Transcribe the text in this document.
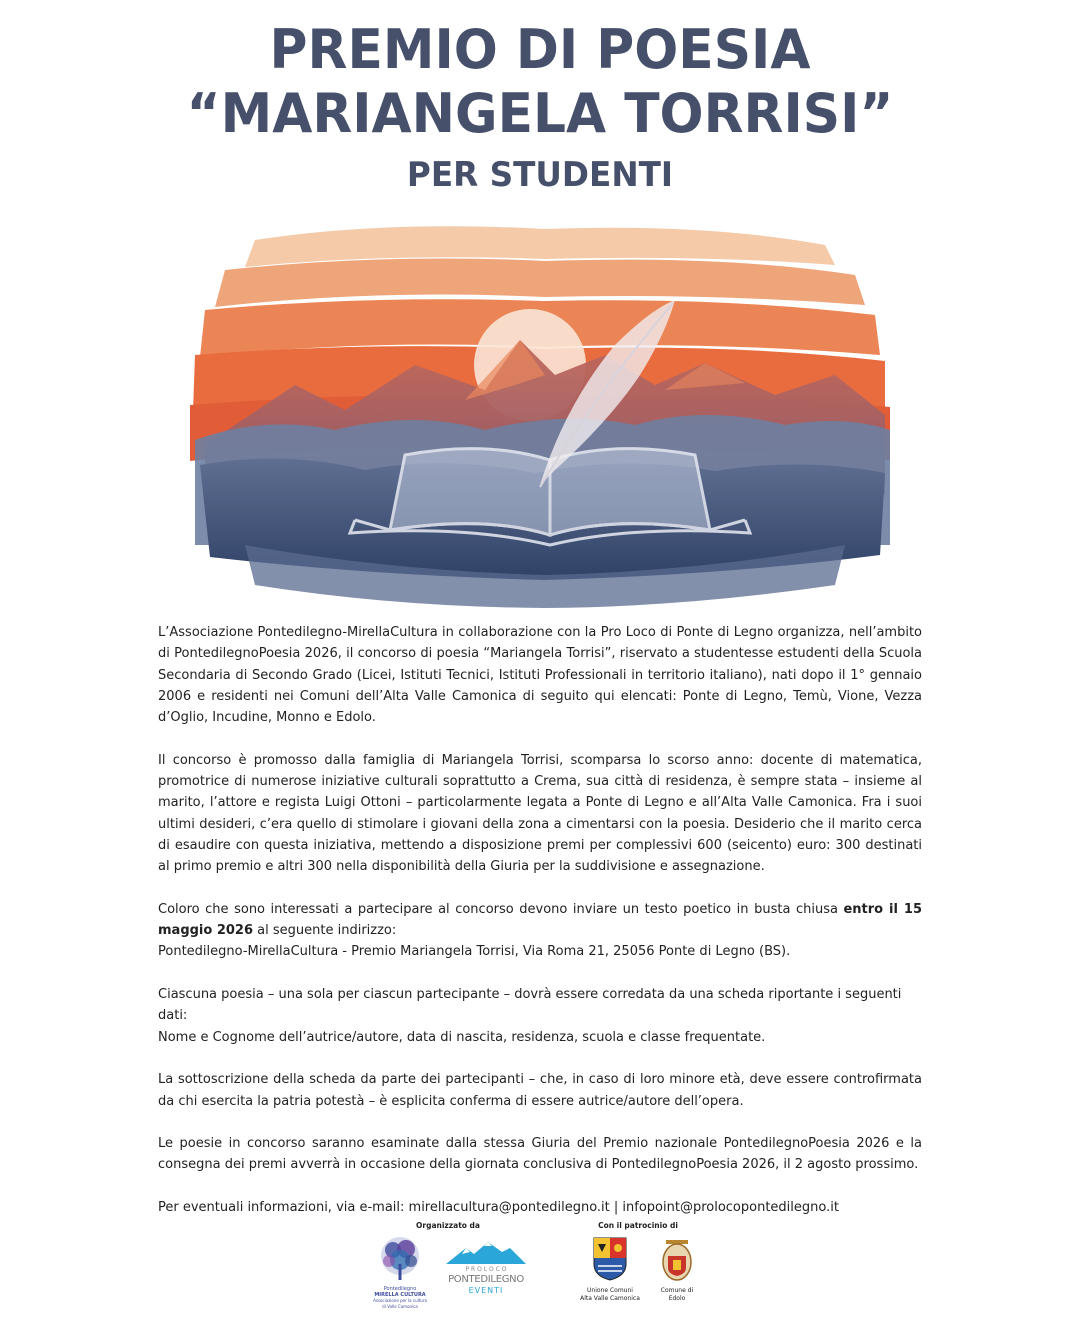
PREMIO DI POESIA
“MARIANGELA TORRISI”
PER STUDENTI

L’Associazione Pontedilegno-MirellaCultura in collaborazione con la Pro Loco di Ponte di Legno organizza, nell’ambito di PontedilegnoPoesia 2026, il concorso di poesia “Mariangela Torrisi”, riservato a studentesse estudenti della Scuola Secondaria di Secondo Grado (Licei, Istituti Tecnici, Istituti Professionali in territorio italiano), nati dopo il 1° gennaio 2006 e residenti nei Comuni dell’Alta Valle Camonica di seguito qui elencati: Ponte di Legno, Temù, Vione, Vezza d’Oglio, Incudine, Monno e Edolo.

Il concorso è promosso dalla famiglia di Mariangela Torrisi, scomparsa lo scorso anno: docente di matematica, promotrice di numerose iniziative culturali soprattutto a Crema, sua città di residenza, è sempre stata – insieme al marito, l’attore e regista Luigi Ottoni – particolarmente legata a Ponte di Legno e all’Alta Valle Camonica. Fra i suoi ultimi desideri, c’era quello di stimolare i giovani della zona a cimentarsi con la poesia. Desiderio che il marito cerca di esaudire con questa iniziativa, mettendo a disposizione premi per complessivi 600 (seicento) euro: 300 destinati al primo premio e altri 300 nella disponibilità della Giuria per la suddivisione e assegnazione.

Coloro che sono interessati a partecipare al concorso devono inviare un testo poetico in busta chiusa entro il 15 maggio 2026 al seguente indirizzo:
Pontedilegno-MirellaCultura - Premio Mariangela Torrisi, Via Roma 21, 25056 Ponte di Legno (BS).

Ciascuna poesia – una sola per ciascun partecipante – dovrà essere corredata da una scheda riportante i seguenti dati:
Nome e Cognome dell’autrice/autore, data di nascita, residenza, scuola e classe frequentate.

La sottoscrizione della scheda da parte dei partecipanti – che, in caso di loro minore età, deve essere controfirmata da chi esercita la patria potestà – è esplicita conferma di essere autrice/autore dell’opera.

Le poesie in concorso saranno esaminate dalla stessa Giuria del Premio nazionale PontedilegnoPoesia 2026 e la consegna dei premi avverrà in occasione della giornata conclusiva di PontedilegnoPoesia 2026, il 2 agosto prossimo.

Per eventuali informazioni, via e-mail: mirellacultura@pontedilegno.it | infopoint@prolocopontedilegno.it

Organizzato da	Con il patrocinio di
Pontedilegno
MIRELLA CULTURA
Associazione per la cultura
di Valle Camonica
P R O L O C O
PONTEDILEGNO
EVENTI	Unione Comuni
Alta Valle Camonica
Comune di
Edolo
